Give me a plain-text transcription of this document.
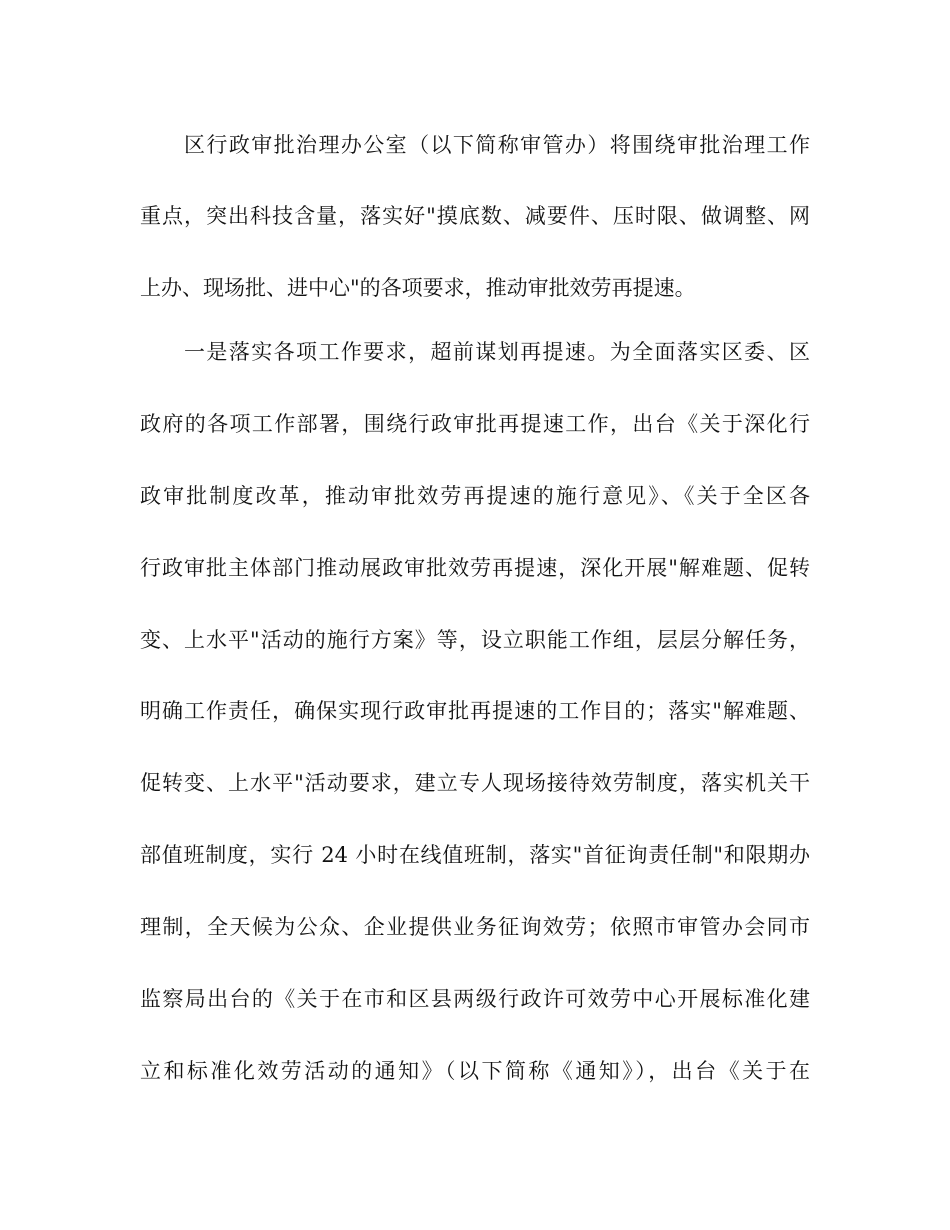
区行政审批治理办公室（以下简称审管办）将围绕审批治理工作
重点，突出科技含量，落实好"摸底数、减要件、压时限、做调整、网
上办、现场批、进中心"的各项要求，推动审批效劳再提速。
一是落实各项工作要求，超前谋划再提速。为全面落实区委、区
政府的各项工作部署，围绕行政审批再提速工作，出台《关于深化行
政审批制度改革，推动审批效劳再提速的施行意见》、《关于全区各
行政审批主体部门推动展政审批效劳再提速，深化开展"解难题、促转
变、上水平"活动的施行方案》等，设立职能工作组，层层分解任务，
明确工作责任，确保实现行政审批再提速的工作目的；落实"解难题、
促转变、上水平"活动要求，建立专人现场接待效劳制度，落实机关干
部值班制度，实行 24 小时在线值班制，落实"首征询责任制"和限期办
理制，全天候为公众、企业提供业务征询效劳；依照市审管办会同市
监察局出台的《关于在市和区县两级行政许可效劳中心开展标准化建
立和标准化效劳活动的通知》（以下简称《通知》），出台《关于在
